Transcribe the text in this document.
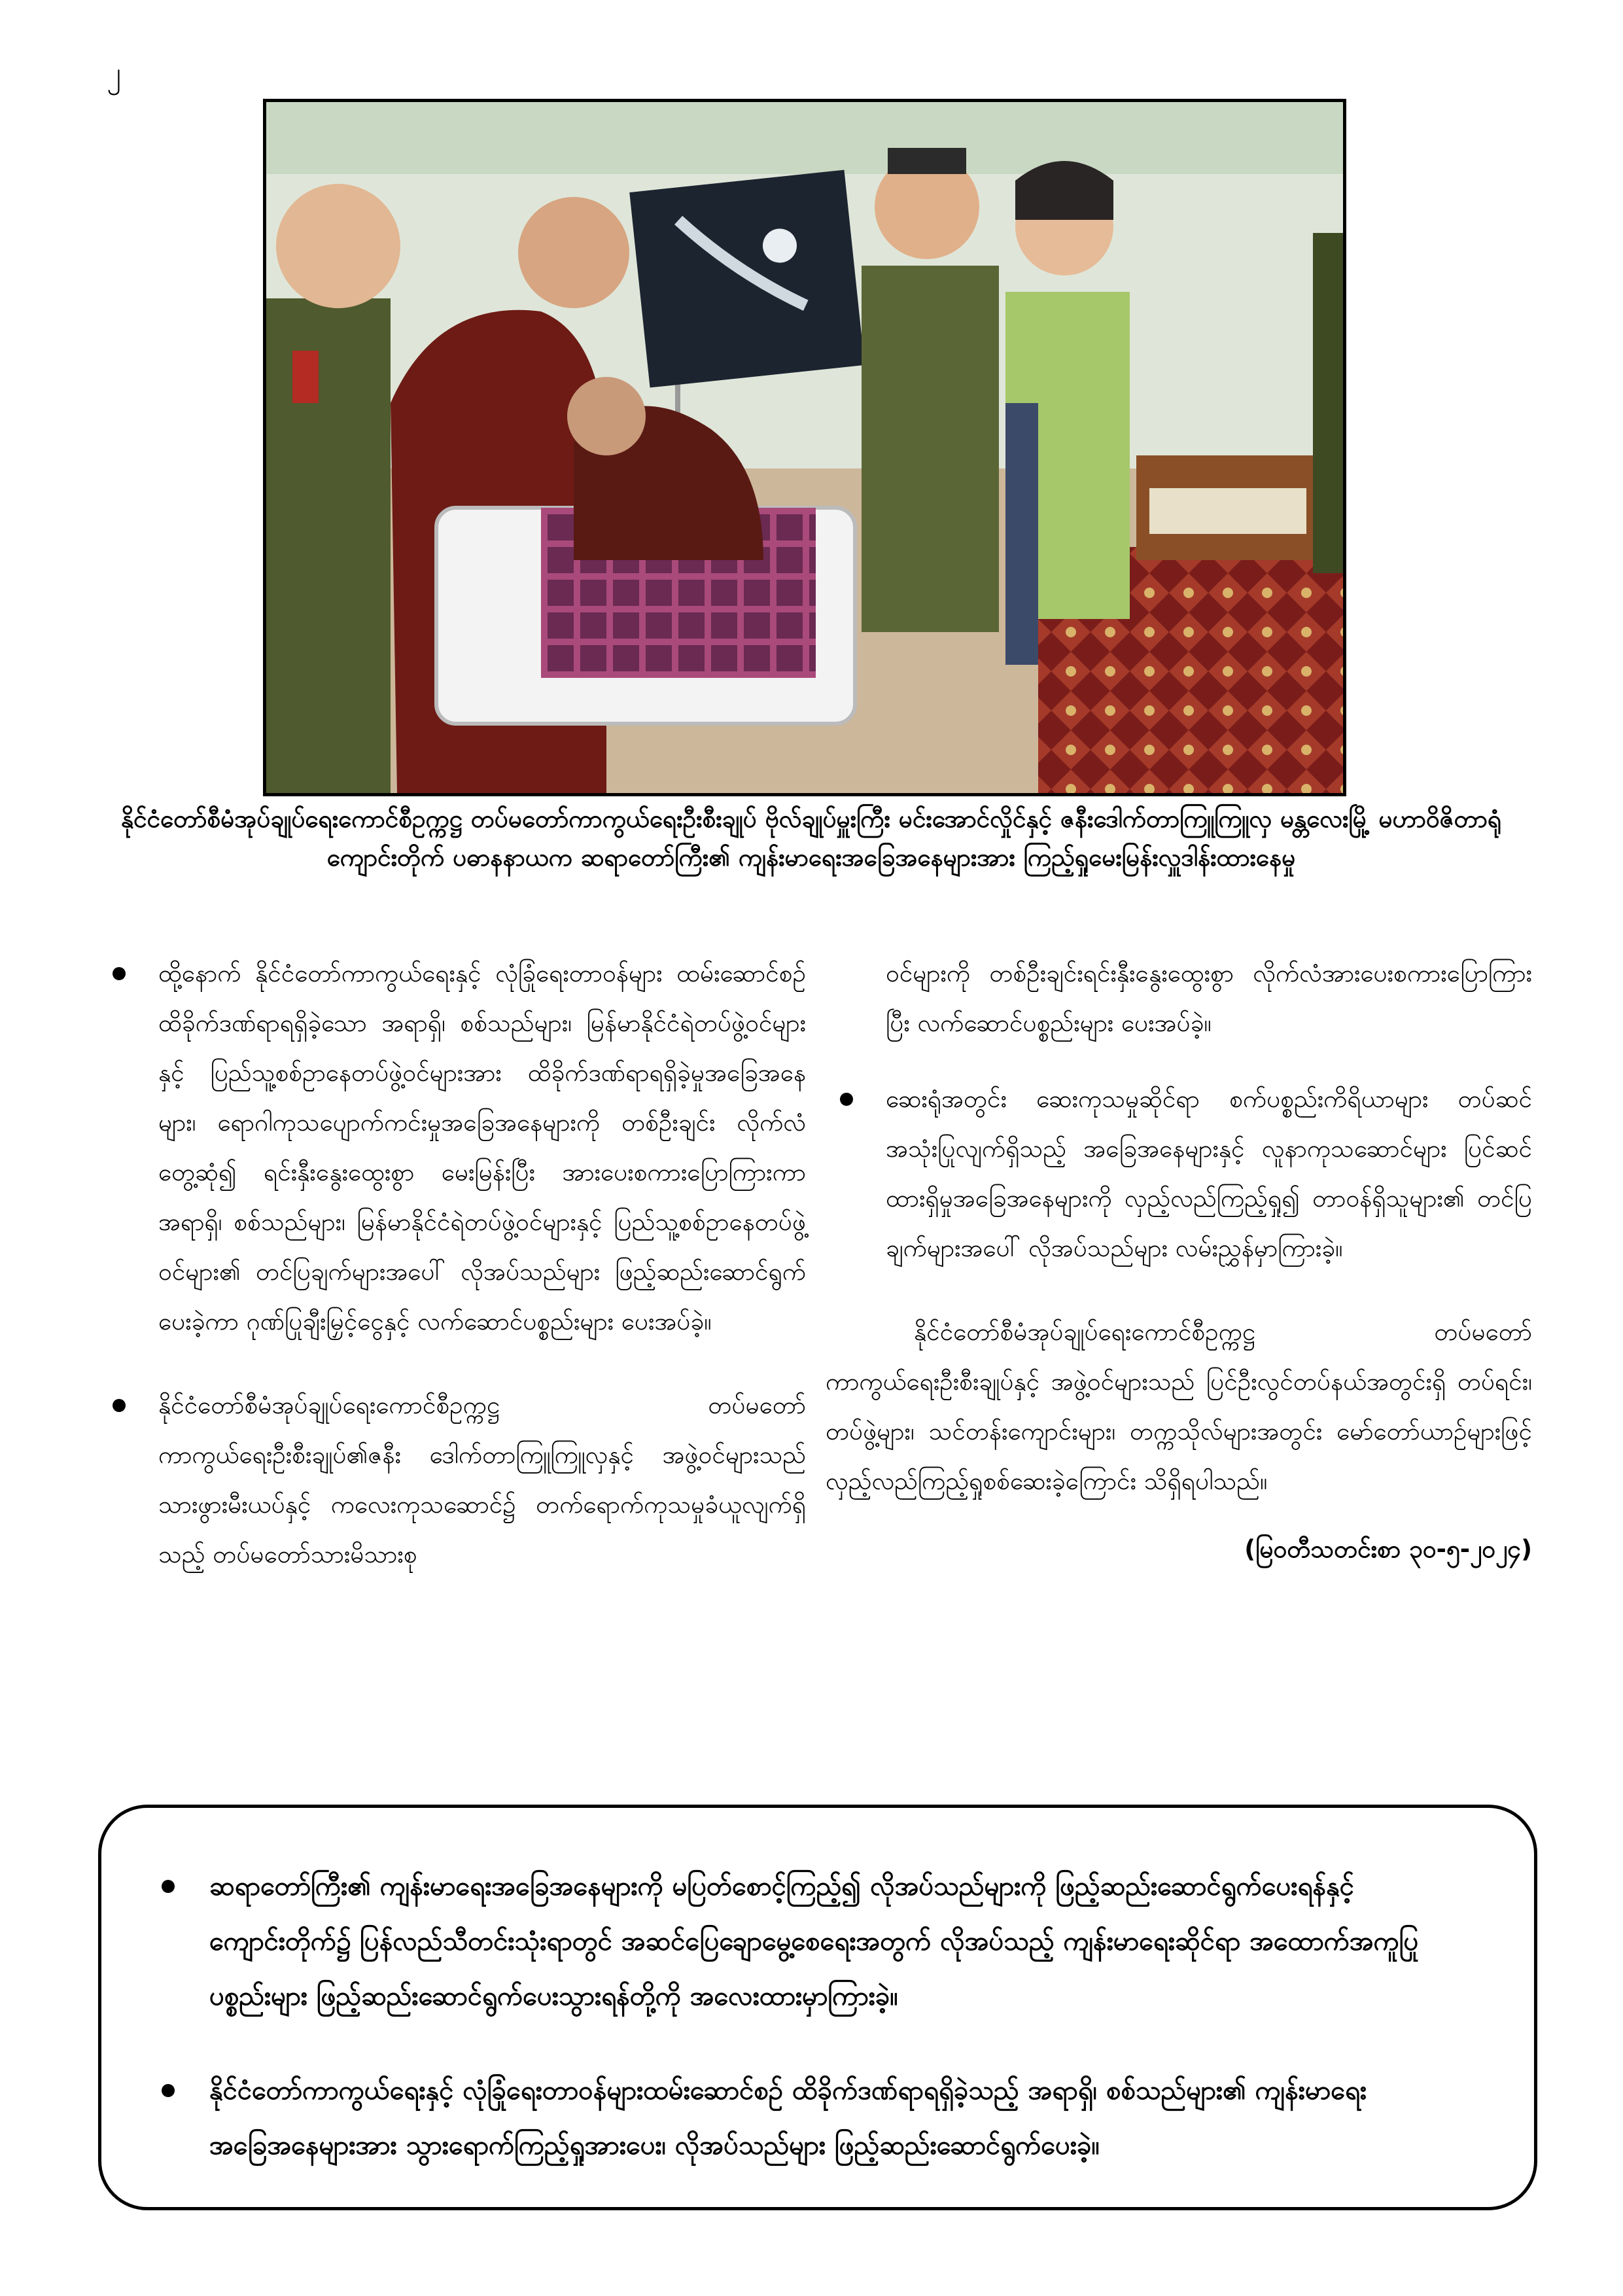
၂
နိုင်ငံတော်စီမံအုပ်ချုပ်ရေးကောင်စီဥက္ကဋ္ဌ တပ်မတော်ကာကွယ်ရေးဦးစီးချုပ် ဗိုလ်ချုပ်မှူးကြီး မင်းအောင်လှိုင်နှင့် ဇနီးဒေါက်တာကြူကြူလှ မန္တလေးမြို့ မဟာဝိဇိတာရုံကျောင်းတိုက် ပဓာနနာယက ဆရာတော်ကြီး၏ ကျန်းမာရေးအခြေအနေများအား ကြည့်ရှုမေးမြန်းလှူဒါန်းထားနေမှု
ထို့နောက် နိုင်ငံတော်ကာကွယ်ရေးနှင့် လုံခြုံရေးတာဝန်များ ထမ်းဆောင်စဉ် ထိခိုက်ဒဏ်ရာရရှိခဲ့သော အရာရှိ၊ စစ်သည်များ၊ မြန်မာနိုင်ငံရဲတပ်ဖွဲ့ဝင်များနှင့် ပြည်သူ့စစ်ဥာနေတပ်ဖွဲ့ဝင်များအား ထိခိုက်ဒဏ်ရာရရှိခဲ့မှုအခြေအနေများ၊ ရောဂါကုသပျောက်ကင်းမှုအခြေအနေများကို တစ်ဦးချင်း လိုက်လံတွေ့ဆုံ၍ ရင်းနှီးနွေးထွေးစွာ မေးမြန်းပြီး အားပေးစကားပြောကြားကာ အရာရှိ၊ စစ်သည်များ၊ မြန်မာနိုင်ငံရဲတပ်ဖွဲ့ဝင်များနှင့် ပြည်သူ့စစ်ဥာနေတပ်ဖွဲ့ဝင်များ၏ တင်ပြချက်များအပေါ် လိုအပ်သည်များ ဖြည့်ဆည်းဆောင်ရွက်ပေးခဲ့ကာ ဂုဏ်ပြုချီးမြှင့်ငွေနှင့် လက်ဆောင်ပစ္စည်းများ ပေးအပ်ခဲ့။
နိုင်ငံတော်စီမံအုပ်ချုပ်ရေးကောင်စီဥက္ကဋ္ဌ တပ်မတော်ကာကွယ်ရေးဦးစီးချုပ်၏ဇနီး ဒေါက်တာကြူကြူလှနှင့် အဖွဲ့ဝင်များသည် သားဖွားမီးယပ်နှင့် ကလေးကုသဆောင်၌ တက်ရောက်ကုသမှုခံယူလျက်ရှိသည့် တပ်မတော်သားမိသားစု
ဝင်များကို တစ်ဦးချင်းရင်းနှီးနွေးထွေးစွာ လိုက်လံအားပေးစကားပြောကြားပြီး လက်ဆောင်ပစ္စည်းများ ပေးအပ်ခဲ့။
ဆေးရုံအတွင်း ဆေးကုသမှုဆိုင်ရာ စက်ပစ္စည်းကိရိယာများ တပ်ဆင်အသုံးပြုလျက်ရှိသည့် အခြေအနေများနှင့် လူနာကုသဆောင်များ ပြင်ဆင်ထားရှိမှုအခြေအနေများကို လှည့်လည်ကြည့်ရှု၍ တာဝန်ရှိသူများ၏ တင်ပြချက်များအပေါ် လိုအပ်သည်များ လမ်းညွှန်မှာကြားခဲ့။
နိုင်ငံတော်စီမံအုပ်ချုပ်ရေးကောင်စီဥက္ကဋ္ဌ တပ်မတော်ကာကွယ်ရေးဦးစီးချုပ်နှင့် အဖွဲ့ဝင်များသည် ပြင်ဦးလွင်တပ်နယ်အတွင်းရှိ တပ်ရင်း၊ တပ်ဖွဲ့များ၊ သင်တန်းကျောင်းများ၊ တက္ကသိုလ်များအတွင်း မော်တော်ယာဉ်များဖြင့် လှည့်လည်ကြည့်ရှုစစ်ဆေးခဲ့ကြောင်း သိရှိရပါသည်။
(မြဝတီသတင်းစာ ၃၀-၅-၂၀၂၄)
ဆရာတော်ကြီး၏ ကျန်းမာရေးအခြေအနေများကို မပြတ်စောင့်ကြည့်၍ လိုအပ်သည်များကို ဖြည့်ဆည်းဆောင်ရွက်ပေးရန်နှင့် ကျောင်းတိုက်၌ ပြန်လည်သီတင်းသုံးရာတွင် အဆင်ပြေချောမွေ့စေရေးအတွက် လိုအပ်သည့် ကျန်းမာရေးဆိုင်ရာ အထောက်အကူပြုပစ္စည်းများ ဖြည့်ဆည်းဆောင်ရွက်ပေးသွားရန်တို့ကို အလေးထားမှာကြားခဲ့။
နိုင်ငံတော်ကာကွယ်ရေးနှင့် လုံခြုံရေးတာဝန်များထမ်းဆောင်စဉ် ထိခိုက်ဒဏ်ရာရရှိခဲ့သည့် အရာရှိ၊ စစ်သည်များ၏ ကျန်းမာရေးအခြေအနေများအား သွားရောက်ကြည့်ရှုအားပေး၊ လိုအပ်သည်များ ဖြည့်ဆည်းဆောင်ရွက်ပေးခဲ့။
